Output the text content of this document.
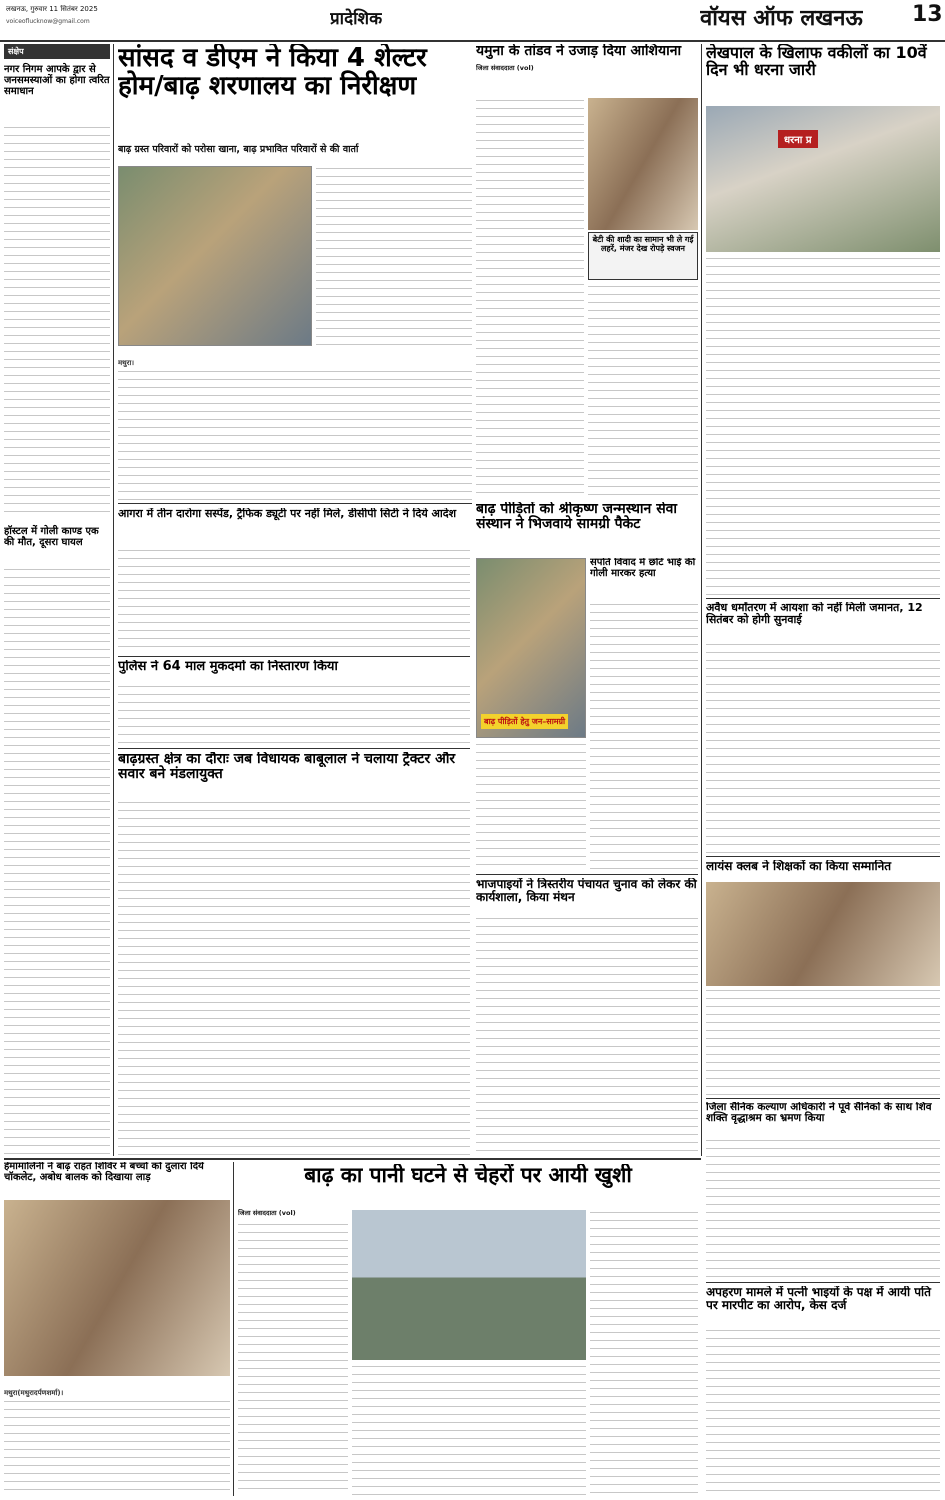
लखनऊ, गुरुवार 11 सितंबर 2025
voiceoflucknow@gmail.com	प्रादेशिक	वॉयस ऑफ लखनऊ 13
संक्षेप
नगर निगम आपके द्वार से जनसमस्याओं का होगा त्वरित समाधान
हॉस्टल में गोली काण्ड एक की मौत, दूसरा घायल
सांसद व डीएम ने किया 4 शेल्टर होम/बाढ़ शरणालय का निरीक्षण
बाढ़ ग्रस्त परिवारों को परोसा खाना, बाढ़ प्रभावित परिवारों से की वार्ता
मथुरा।
यमुना के तांडव ने उजाड़ दिया आशियाना
जिला संवाददाता (vol)
बेटी की शादी का सामान भी ले गई लहरें, मंजर देख रोपड़े स्वजन
लेखपाल के खिलाफ वकीलों का 10वें दिन भी धरना जारी
धरना प्र
आगरा में तीन दारोगा सस्पेंड, ट्रैफिक ड्यूटी पर नहीं मिले, डीसीपी सिटी ने दिये आदेश
पुलिस ने 64 माल मुकदमों का निस्तारण किया
बाढ़ पीड़ितों को श्रीकृष्ण जन्मस्थान सेवा संस्थान ने भिजवाये सामग्री पैकेट
बाढ़ पीड़ितों हेतु जन–सामग्री
संपति विवाद में छोटे भाई की गोली मारकर हत्या
अवैध धर्मांतरण में आयशा को नहीं मिली जमानत, 12 सितंबर को होगी सुनवाई
लायंस क्लब ने शिक्षकों का किया सम्मानित
जिला सैनिक कल्याण अधिकारी ने पूर्व सैनिकों के साथ शिव शक्ति वृद्धाश्रम का भ्रमण किया
अपहरण मामले में पत्नी भाइयों के पक्ष में आयी पति पर मारपीट का आरोप, केस दर्ज
बाढ़ग्रस्त क्षेत्र का दौराः जब विधायक बाबूलाल ने चलाया ट्रैक्टर और सवार बने मंडलायुक्त
भाजपाइयों ने त्रिस्तरीय पंचायत चुनाव को लेकर की कार्यशाला, किया मंथन
हेमामालिनी ने बाढ़ राहत शिविर में बच्चों को दुलारा दिये चॉकलेट, अबोध बालक को दिखाया लाड़
मथुरा(मथुरादर्पणशर्मा)।
बाढ़ का पानी घटने से चेहरों पर आयी खुशी
जिला संवाददाता (vol)
